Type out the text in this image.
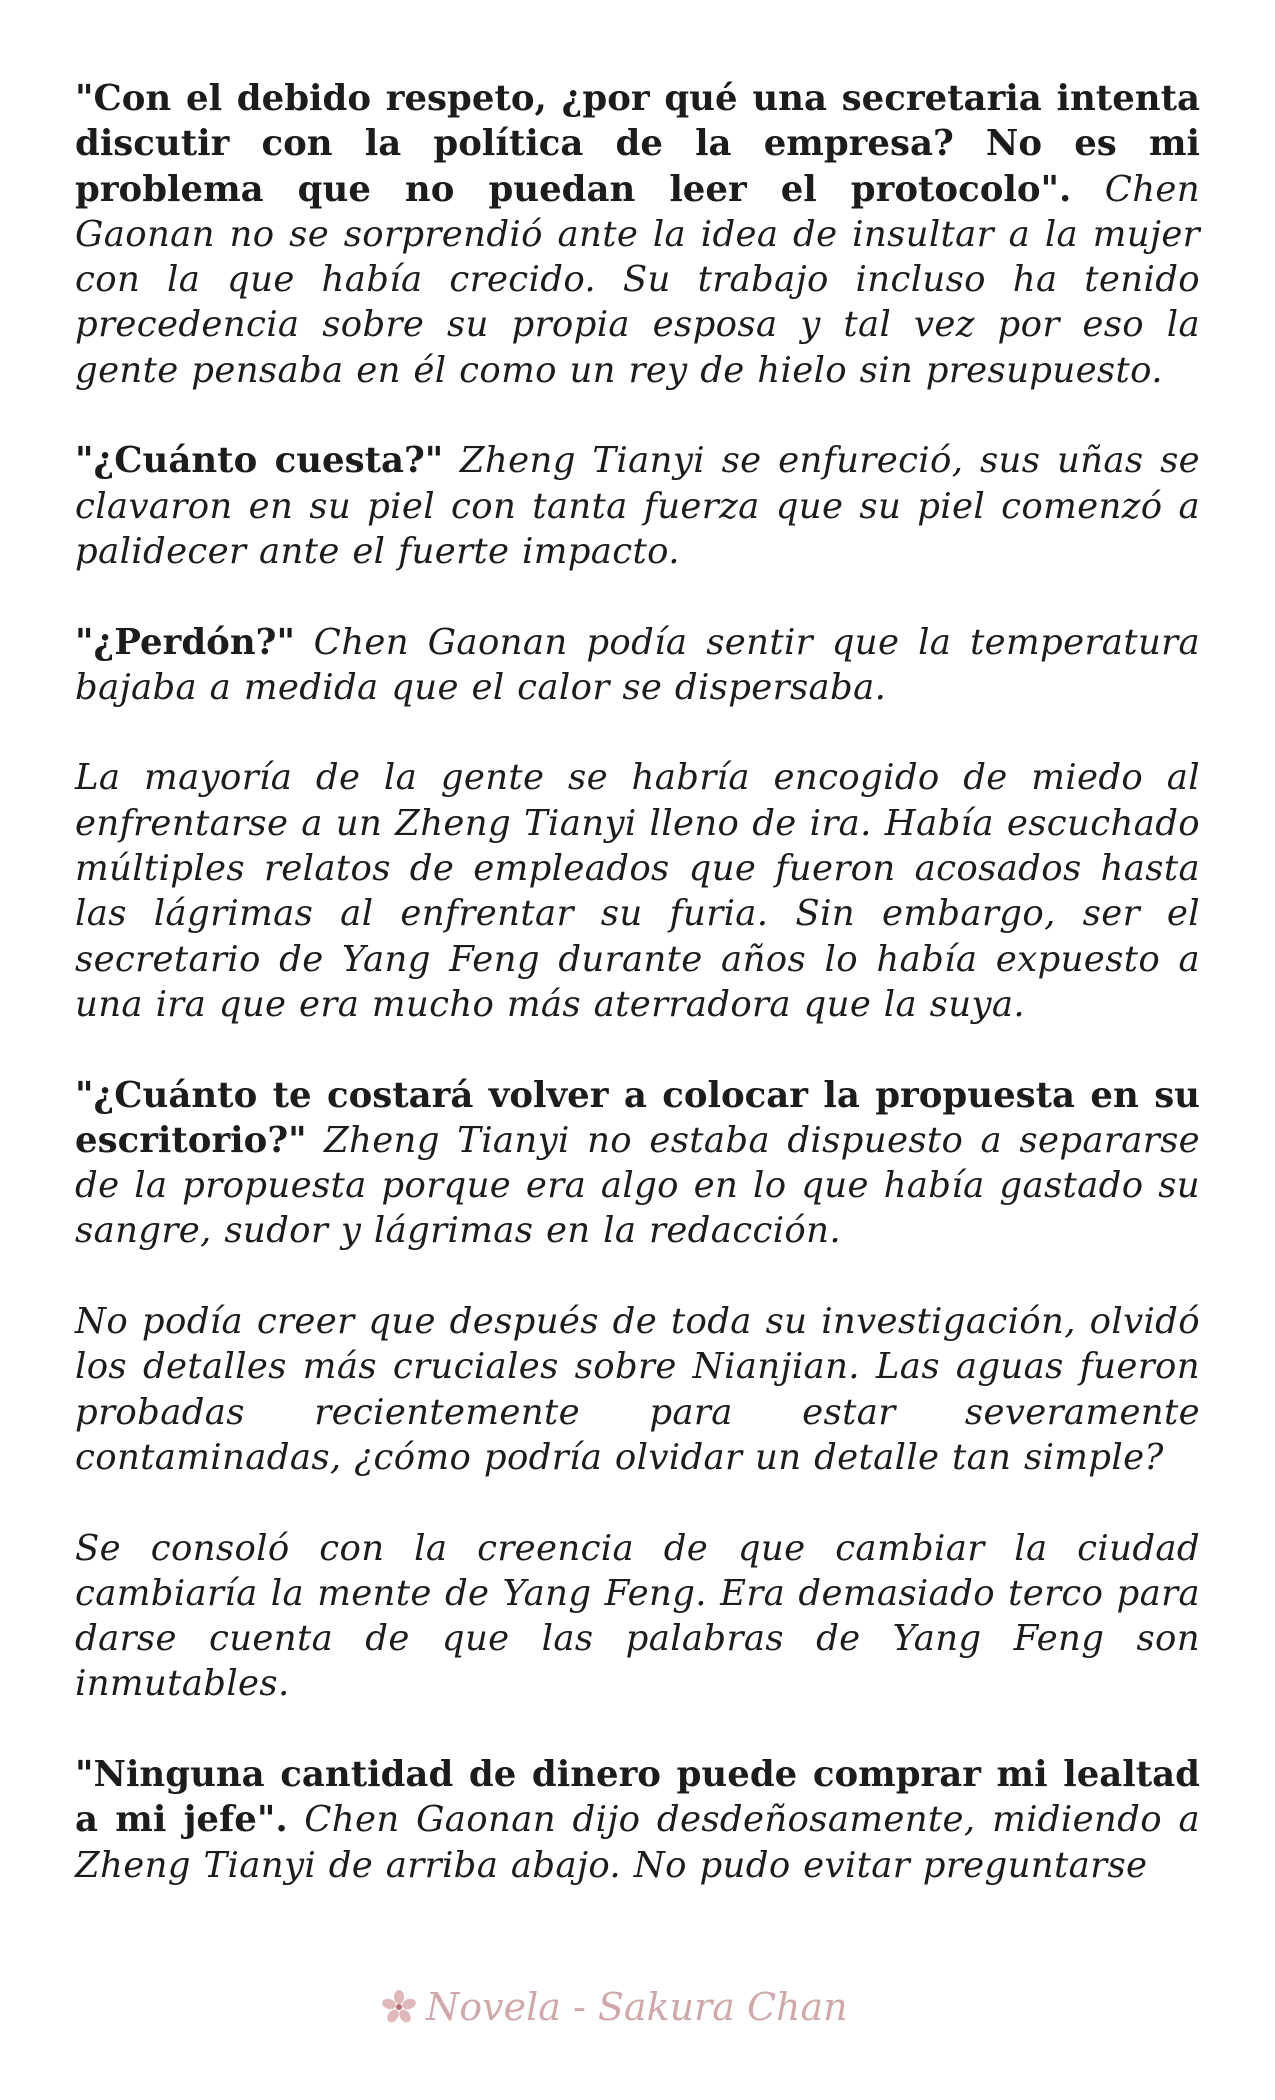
"Con el debido respeto, ¿por qué una secretaria intenta discutir con la política de la empresa? No es mi problema que no puedan leer el protocolo". Chen Gaonan no se sorprendió ante la idea de insultar a la mujer con la que había crecido. Su trabajo incluso ha tenido precedencia sobre su propia esposa y tal vez por eso la gente pensaba en él como un rey de hielo sin presupuesto.

"¿Cuánto cuesta?" Zheng Tianyi se enfureció, sus uñas se clavaron en su piel con tanta fuerza que su piel comenzó a palidecer ante el fuerte impacto.

"¿Perdón?" Chen Gaonan podía sentir que la temperatura bajaba a medida que el calor se dispersaba.

La mayoría de la gente se habría encogido de miedo al enfrentarse a un Zheng Tianyi lleno de ira. Había escuchado múltiples relatos de empleados que fueron acosados hasta las lágrimas al enfrentar su furia. Sin embargo, ser el secretario de Yang Feng durante años lo había expuesto a una ira que era mucho más aterradora que la suya.

"¿Cuánto te costará volver a colocar la propuesta en su escritorio?" Zheng Tianyi no estaba dispuesto a separarse de la propuesta porque era algo en lo que había gastado su sangre, sudor y lágrimas en la redacción.

No podía creer que después de toda su investigación, olvidó los detalles más cruciales sobre Nianjian. Las aguas fueron probadas recientemente para estar severamente contaminadas, ¿cómo podría olvidar un detalle tan simple?

Se consoló con la creencia de que cambiar la ciudad cambiaría la mente de Yang Feng. Era demasiado terco para darse cuenta de que las palabras de Yang Feng son inmutables.

"Ninguna cantidad de dinero puede comprar mi lealtad a mi jefe". Chen Gaonan dijo desdeñosamente, midiendo a Zheng Tianyi de arriba abajo. No pudo evitar preguntarse

Novela - Sakura Chan
